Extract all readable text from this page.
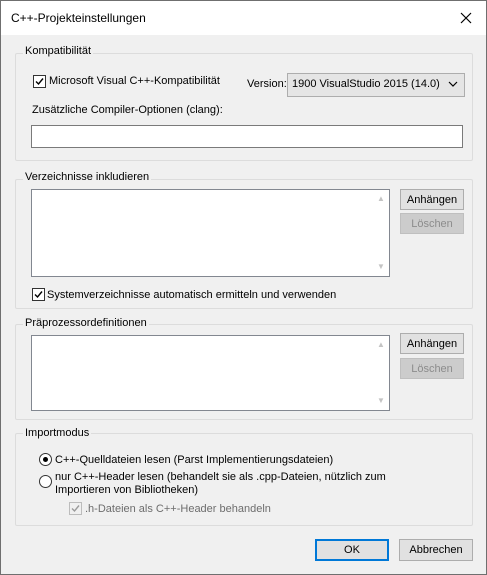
C++-Projekteinstellungen
Kompatibilität
Microsoft Visual C++-Kompatibilität Version: 1900 VisualStudio 2015 (14.0)
Zusätzliche Compiler-Optionen (clang):
Verzeichnisse inkludieren
▲
▼
Anhängen
Löschen
Systemverzeichnisse automatisch ermitteln und verwenden
Präprozessordefinitionen
▲
▼
Anhängen
Löschen
Importmodus
C++-Quelldateien lesen (Parst Implementierungsdateien)
nur C++-Header lesen (behandelt sie als .cpp-Dateien, nützlich zum
Importieren von Bibliotheken)
.h-Dateien als C++-Header behandeln
OK	Abbrechen
